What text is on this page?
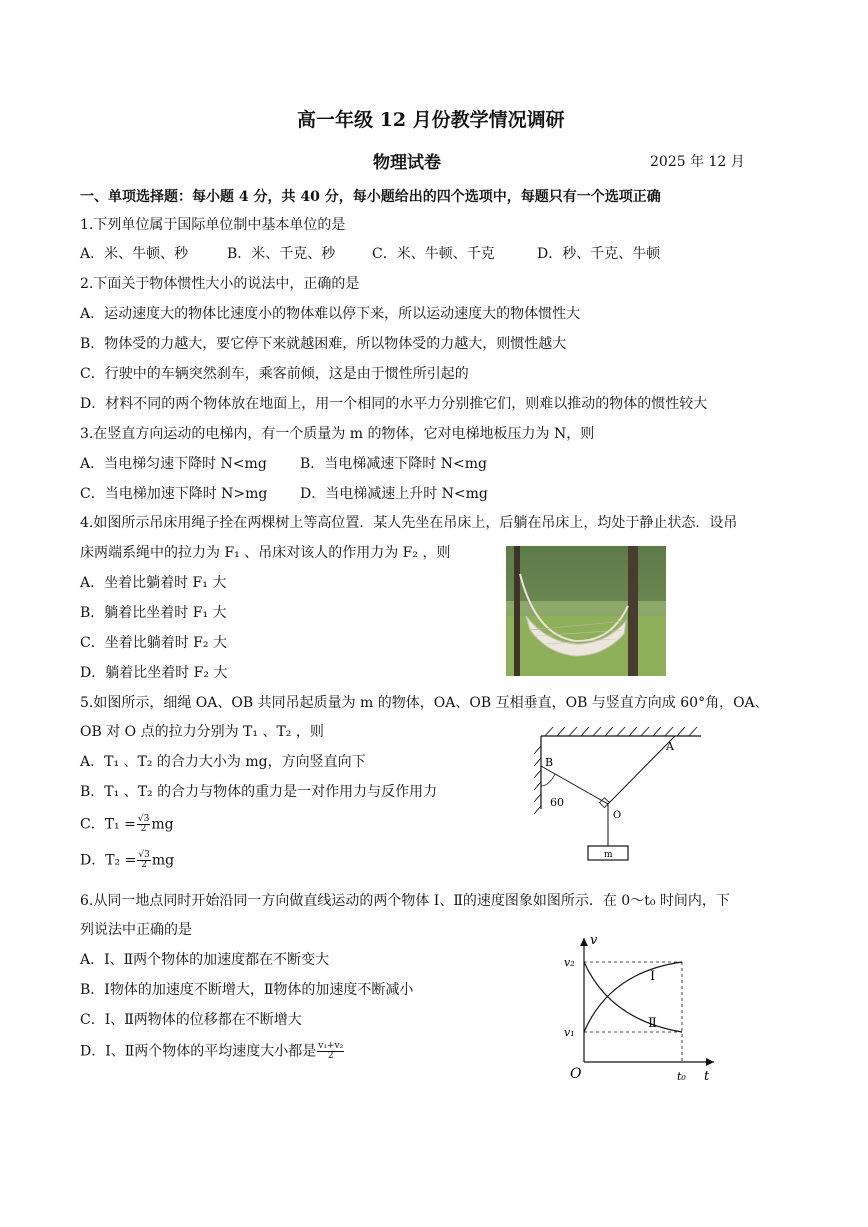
高一年级 12 月份教学情况调研
物理试卷	2025 年 12 月
一、单项选择题：每小题 4 分，共 40 分，每小题给出的四个选项中，每题只有一个选项正确
1.下列单位属于国际单位制中基本单位的是
A．米、牛顿、秒	B．米、千克、秒	C．米、牛顿、千克	D．秒、千克、牛顿
2.下面关于物体惯性大小的说法中，正确的是
A．运动速度大的物体比速度小的物体难以停下来，所以运动速度大的物体惯性大
B．物体受的力越大，要它停下来就越困难，所以物体受的力越大，则惯性越大
C．行驶中的车辆突然刹车，乘客前倾，这是由于惯性所引起的
D．材料不同的两个物体放在地面上，用一个相同的水平力分别推它们，则难以推动的物体的惯性较大
3.在竖直方向运动的电梯内，有一个质量为 m 的物体，它对电梯地板压力为 N，则
A．当电梯匀速下降时 N<mg B．当电梯减速下降时 N<mg
C．当电梯加速下降时 N>mg D．当电梯减速上升时 N<mg
4.如图所示吊床用绳子拴在两棵树上等高位置．某人先坐在吊床上，后躺在吊床上，均处于静止状态．设吊
床两端系绳中的拉力为 F₁ 、吊床对该人的作用力为 F₂ ，则
A．坐着比躺着时 F₁ 大
B．躺着比坐着时 F₁ 大
C．坐着比躺着时 F₂ 大
D．躺着比坐着时 F₂ 大
5.如图所示，细绳 OA、OB 共同吊起质量为 m 的物体，OA、OB 互相垂直，OB 与竖直方向成 60°角，OA、
OB 对 O 点的拉力分别为 T₁ 、T₂ ，则
A．T₁ 、T₂ 的合力大小为 mg，方向竖直向下
B．T₁ 、T₂ 的合力与物体的重力是一对作用力与反作用力
C．$T_1 = \frac{√3}{2}$ mg
D．$T_2 = \frac{√3}{2}$ mg
A
B
O
60
m
6.从同一地点同时开始沿同一方向做直线运动的两个物体 Ⅰ、Ⅱ的速度图象如图所示．在 0～t₀ 时间内，下
列说法中正确的是
A．Ⅰ、Ⅱ两个物体的加速度都在不断变大
B．Ⅰ物体的加速度不断增大，Ⅱ物体的加速度不断减小
C．Ⅰ、Ⅱ两物体的位移都在不断增大
D．Ⅰ、Ⅱ两个物体的平均速度大小都是 $\frac{\text{v₁+v₂}}{2}$
v
v₂
v₁
O	t₀ t
Ⅰ
Ⅱ
